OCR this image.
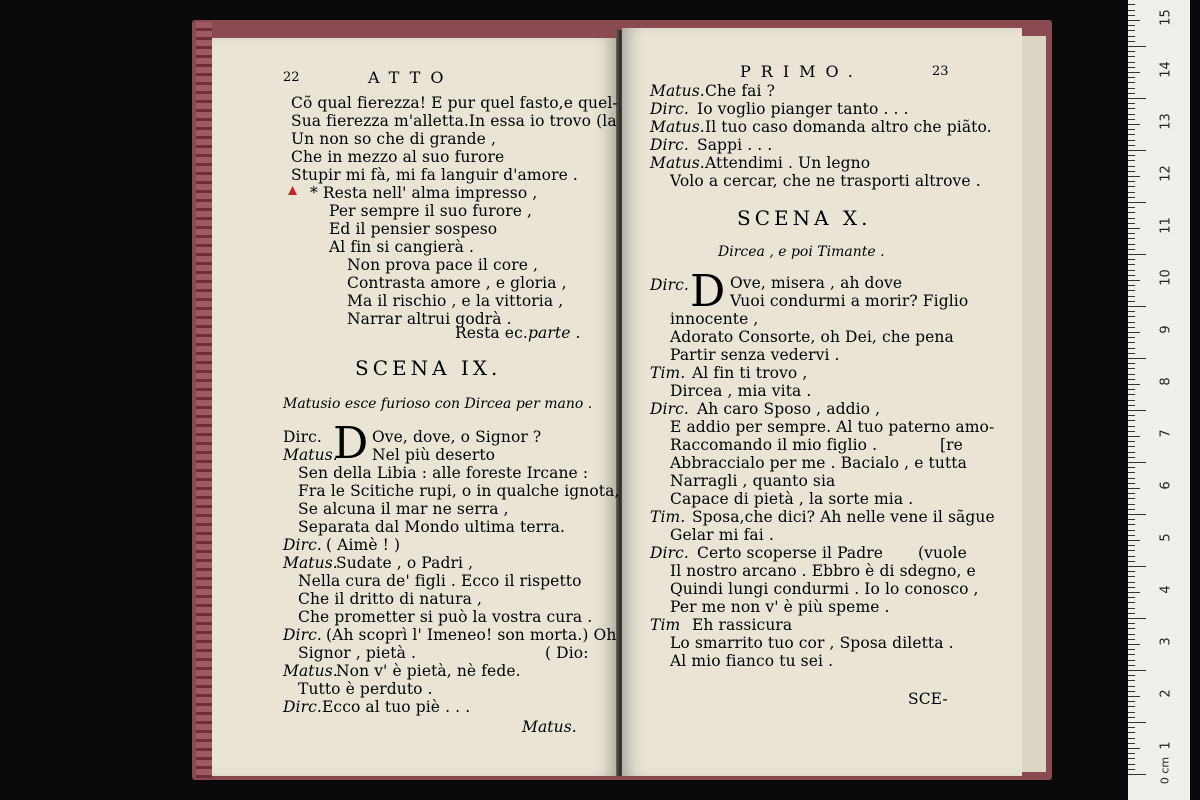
22	ATTO
Cõ qual fierezza! E pur quel fasto,e quel-
Sua fierezza m'alletta.In essa io trovo (la
Un non so che di grande ,
Che in mezzo al suo furore
Stupir mi fà, mi fa languir d'amore .
* Resta nell' alma impresso ,
Per sempre il suo furore ,
Ed il pensier sospeso
Al fin si cangierà .
Non prova pace il core ,
Contrasta amore , e gloria ,
Ma il rischio , e la vittoria ,
Narrar altrui godrà .
Resta ec. parte .
SCENA IX.
Matusio esce furioso con Dircea per mano .
Dirc. D Ove, dove, o Signor ?
Matus. Nel più deserto
Sen della Libia : alle foreste Ircane :
Fra le Scitiche rupi, o in qualche ignota,
Se alcuna il mar ne serra ,
Separata dal Mondo ultima terra.
Dirc. ( Aimè ! )
Matus.
Sudate , o Padri ,
Nella cura de' figli . Ecco il rispetto
Che il dritto di natura ,
Che prometter si può la vostra cura .
Dirc. (Ah scoprì l' Imeneo! son morta.) Oh
Signor , pietà .	( Dio:
Matus.
Non v' è pietà, nè fede.
Tutto è perduto .
Dirc. Ecco al tuo piè . . .
Matus.
PRIMO.	23
Matus. Che fai ?
Dirc. Io voglio pianger tanto . . .
Matus. Il tuo caso domanda altro che piãto.
Dirc. Sappi . . .
Matus. Attendimi . Un legno
Volo a cercar, che ne trasporti altrove .
SCENA X.
Dircea , e poi Timante .
Dirc. D Ove, misera , ah dove
Vuoi condurmi a morir? Figlio
innocente ,
Adorato Consorte, oh Dei, che pena
Partir senza vedervi .
Tim. Al fin ti trovo ,
Dircea , mia vita .
Dirc. Ah caro Sposo , addio ,
E addio per sempre. Al tuo paterno amo-
Raccomando il mio figlio .	[re
Abbraccialo per me . Bacialo , e tutta
Narragli , quanto sia
Capace di pietà , la sorte mia .
Tim. Sposa,che dici? Ah nelle vene il sãgue
Gelar mi fai .
Dirc. Certo scoperse il Padre (vuole
Il nostro arcano . Ebbro è di sdegno, e
Quindi lungi condurmi . Io lo conosco ,
Per me non v' è più speme .
Tim Eh rassicura
Lo smarrito tuo cor , Sposa diletta .
Al mio fianco tu sei .
SCE-
1
2
3
4
5
6
7
8
9
10
11
12
13
14
15
0 cm
